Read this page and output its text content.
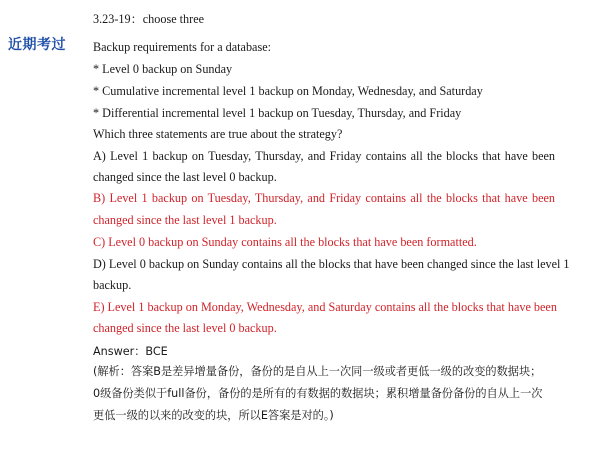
近期考过
3.23-19：choose three
Backup requirements for a database:
* Level 0 backup on Sunday
* Cumulative incremental level 1 backup on Monday, Wednesday, and Saturday
* Differential incremental level 1 backup on Tuesday, Thursday, and Friday
Which three statements are true about the strategy?
A) Level 1 backup on Tuesday, Thursday, and Friday contains all the blocks that have been
changed since the last level 0 backup.
B) Level 1 backup on Tuesday, Thursday, and Friday contains all the blocks that have been
changed since the last level 1 backup.
C) Level 0 backup on Sunday contains all the blocks that have been formatted.
D) Level 0 backup on Sunday contains all the blocks that have been changed since the last level 1
backup.
E) Level 1 backup on Monday, Wednesday, and Saturday contains all the blocks that have been
changed since the last level 0 backup.
Answer：BCE
(解析：答案B是差异增量备份，备份的是自从上一次同一级或者更低一级的改变的数据块；
0级备份类似于full备份，备份的是所有的有数据的数据块；累积增量备份备份的自从上一次
更低一级的以来的改变的块，所以E答案是对的。)
